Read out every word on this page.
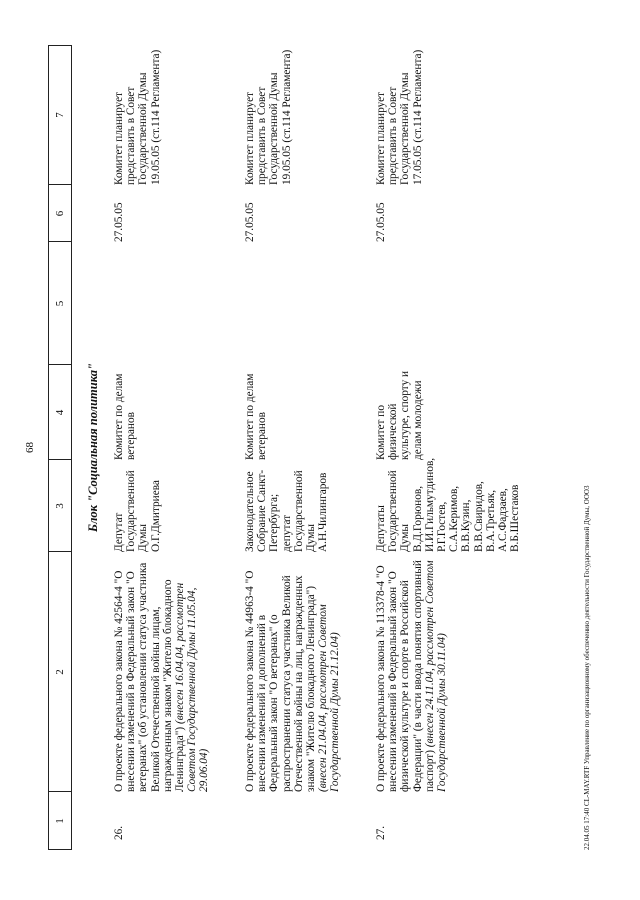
68
1
2
3
4
5
6
7
Блок "Социальная политика"
26.
О проекте федерального закона № 42564-4 "О внесении изменений в Федеральный закон "О ветеранах" (об установлении статуса участника Великой Отечественной войны лицам, награжденным знаком "Жителю блокадного Ленинграда") (внесен 16.04.04, рассмотрен Советом Государственной Думы 11.05.04, 29.06.04)
Депутат Государственной Думы О.Г.Дмитриева
Комитет по делам ветеранов
27.05.05
Комитет планирует представить в Совет Государственной Думы 19.05.05 (ст.114 Регламента)
О проекте федерального закона № 44963-4 "О внесении изменений и дополнений в Федеральный закон "О ветеранах" (о распространении статуса участника Великой Отечественной войны на лиц, награжденных знаком "Жителю блокадного Ленинграда") (внесен 21.04.04, рассмотрен Советом Государственной Думы 21.12.04)
Законодательное Собрание Санкт-Петербурга; депутат Государственной Думы А.Н.Чилингаров
Комитет по делам ветеранов
27.05.05
Комитет планирует представить в Совет Государственной Думы 19.05.05 (ст.114 Регламента)
27.
О проекте федерального закона № 113378-4 "О внесении изменений в Федеральный закон "О физической культуре и спорте в Российской Федерации" (в части ввода понятия спортивный паспорт) (внесен 24.11.04, рассмотрен Советом Государственной Думы 30.11.04)
Депутаты Государственной Думы В.Д.Горюнов, И.И.Гильмутдинов, Р.Г.Гостев, С.А.Керимов, В.В.Кузин, В.В.Свиридов, В.А.Третьяк, А.С.Фадзаев, В.Б.Шестаков
Комитет по физической культуре, спорту и делам молодежи
27.05.05
Комитет планирует представить в Совет Государственной Думы 17.05.05 (ст.114 Регламента)
22.04.05 17:40 CL-MAY.RTF Управление по организационному обеспечению деятельности Государственной Думы, ООО3
